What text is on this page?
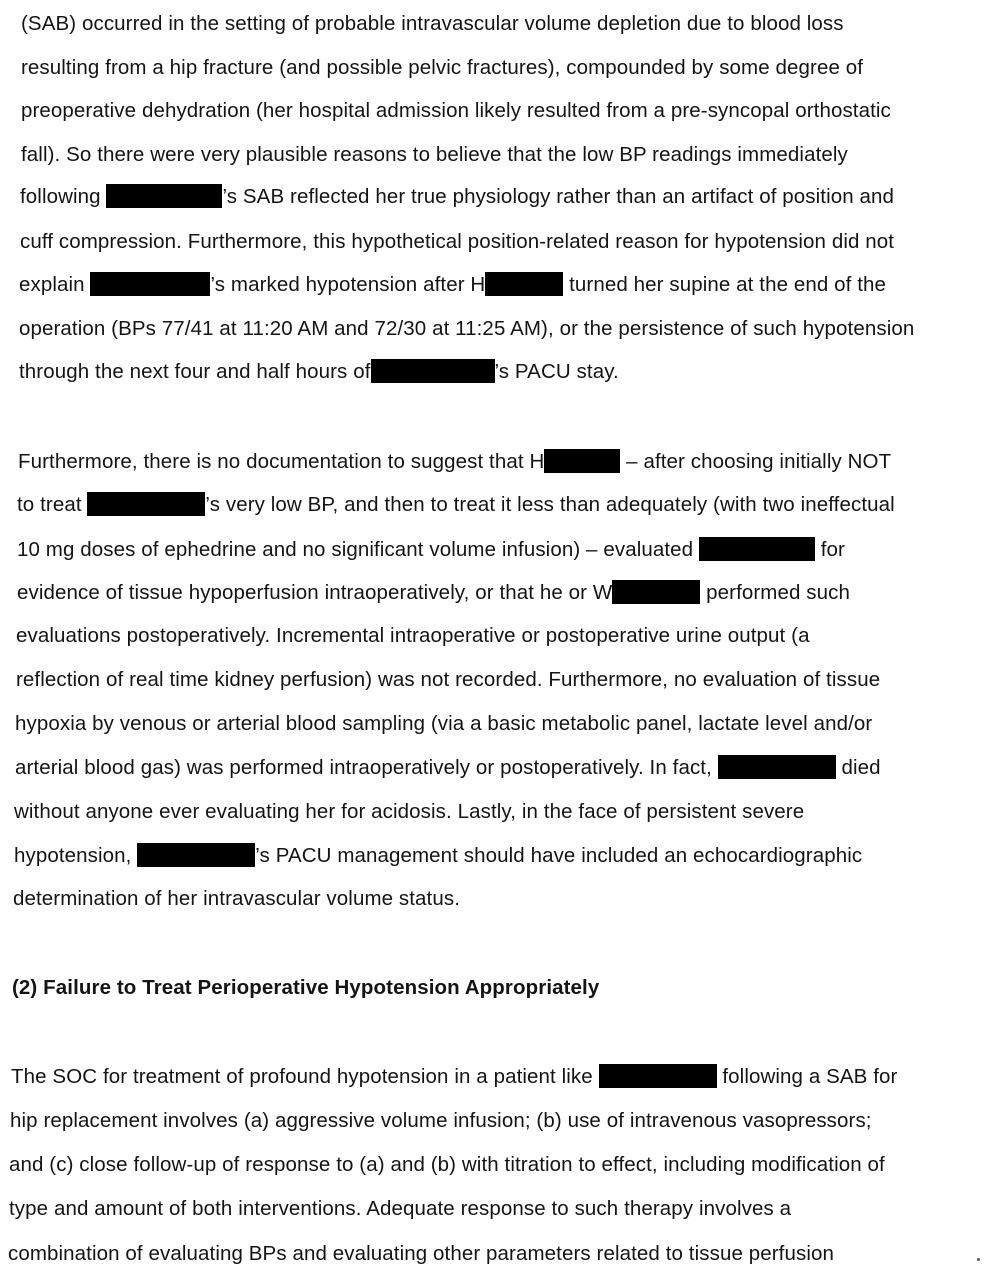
(SAB) occurred in the setting of probable intravascular volume depletion due to blood loss
resulting from a hip fracture (and possible pelvic fractures), compounded by some degree of
preoperative dehydration (her hospital admission likely resulted from a pre-syncopal orthostatic
fall). So there were very plausible reasons to believe that the low BP readings immediately
following	’s SAB reflected her true physiology rather than an artifact of position and
cuff compression. Furthermore, this hypothetical position-related reason for hypotension did not
explain	’s marked hypotension after H	turned her supine at the end of the
operation (BPs 77/41 at 11:20 AM and 72/30 at 11:25 AM), or the persistence of such hypotension
through the next four and half hours of	’s PACU stay.
Furthermore, there is no documentation to suggest that H	– after choosing initially NOT
to treat	’s very low BP, and then to treat it less than adequately (with two ineffectual
10 mg doses of ephedrine and no significant volume infusion) – evaluated	for
evidence of tissue hypoperfusion intraoperatively, or that he or W	performed such
evaluations postoperatively. Incremental intraoperative or postoperative urine output (a
reflection of real time kidney perfusion) was not recorded. Furthermore, no evaluation of tissue
hypoxia by venous or arterial blood sampling (via a basic metabolic panel, lactate level and/or
arterial blood gas) was performed intraoperatively or postoperatively. In fact,	died
without anyone ever evaluating her for acidosis. Lastly, in the face of persistent severe
hypotension,	’s PACU management should have included an echocardiographic
determination of her intravascular volume status.
(2) Failure to Treat Perioperative Hypotension Appropriately
The SOC for treatment of profound hypotension in a patient like	following a SAB for
hip replacement involves (a) aggressive volume infusion; (b) use of intravenous vasopressors;
and (c) close follow-up of response to (a) and (b) with titration to effect, including modification of
type and amount of both interventions. Adequate response to such therapy involves a
combination of evaluating BPs and evaluating other parameters related to tissue perfusion
